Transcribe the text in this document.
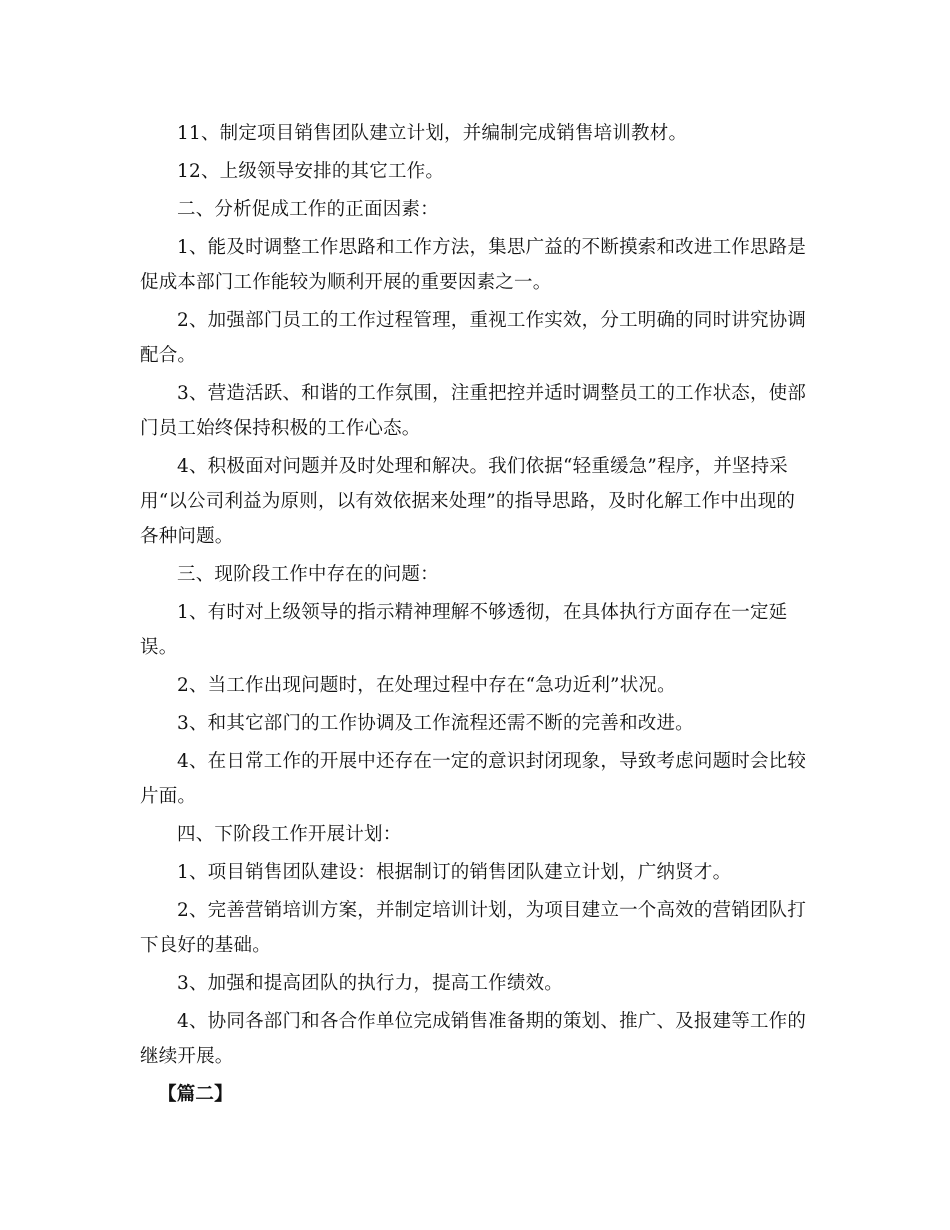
11、制定项目销售团队建立计划，并编制完成销售培训教材。

12、上级领导安排的其它工作。

二、分析促成工作的正面因素：

1、能及时调整工作思路和工作方法，集思广益的不断摸索和改进工作思路是促成本部门工作能较为顺利开展的重要因素之一。

2、加强部门员工的工作过程管理，重视工作实效，分工明确的同时讲究协调配合。

3、营造活跃、和谐的工作氛围，注重把控并适时调整员工的工作状态，使部门员工始终保持积极的工作心态。

4、积极面对问题并及时处理和解决。我们依据“轻重缓急”程序，并坚持采用“以公司利益为原则，以有效依据来处理”的指导思路，及时化解工作中出现的各种问题。

三、现阶段工作中存在的问题：

1、有时对上级领导的指示精神理解不够透彻，在具体执行方面存在一定延误。

2、当工作出现问题时，在处理过程中存在“急功近利”状况。

3、和其它部门的工作协调及工作流程还需不断的完善和改进。

4、在日常工作的开展中还存在一定的意识封闭现象，导致考虑问题时会比较片面。

四、下阶段工作开展计划：

1、项目销售团队建设：根据制订的销售团队建立计划，广纳贤才。

2、完善营销培训方案，并制定培训计划，为项目建立一个高效的营销团队打下良好的基础。

3、加强和提高团队的执行力，提高工作绩效。

4、协同各部门和各合作单位完成销售准备期的策划、推广、及报建等工作的继续开展。

【篇二】
